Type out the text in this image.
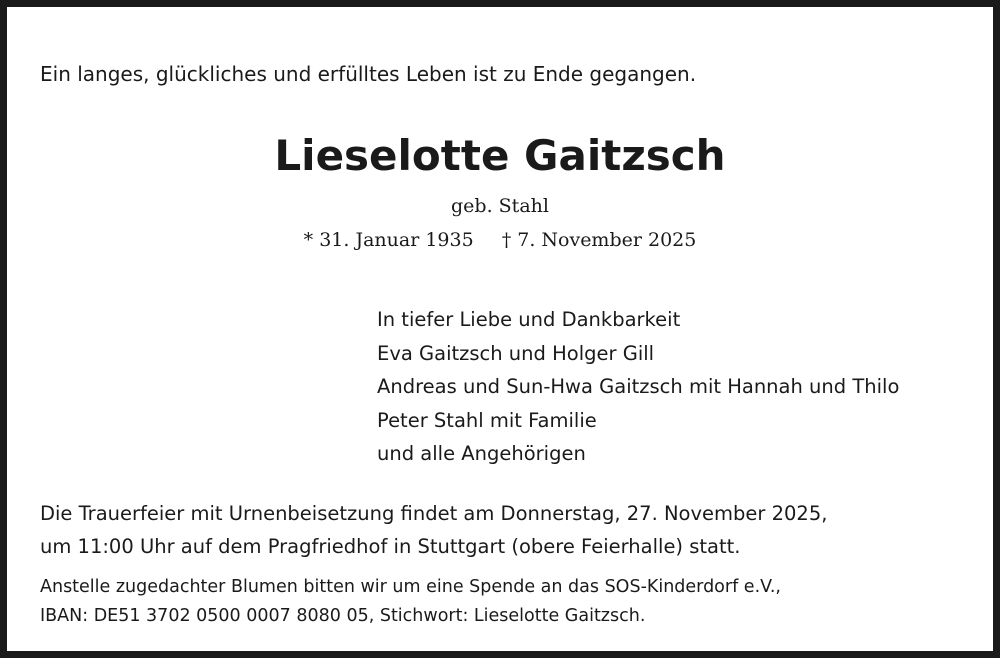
Ein langes, glückliches und erfülltes Leben ist zu Ende gegangen.

Lieselotte Gaitzsch

geb. Stahl

* 31. Januar 1935 † 7. November 2025

In tiefer Liebe und Dankbarkeit
Eva Gaitzsch und Holger Gill
Andreas und Sun-Hwa Gaitzsch mit Hannah und Thilo
Peter Stahl mit Familie
und alle Angehörigen
Die Trauerfeier mit Urnenbeisetzung findet am Donnerstag, 27. November 2025,
um 11:00 Uhr auf dem Pragfriedhof in Stuttgart (obere Feierhalle) statt.
Anstelle zugedachter Blumen bitten wir um eine Spende an das SOS-Kinderdorf e.V.,
IBAN: DE51 3702 0500 0007 8080 05, Stichwort: Lieselotte Gaitzsch.
